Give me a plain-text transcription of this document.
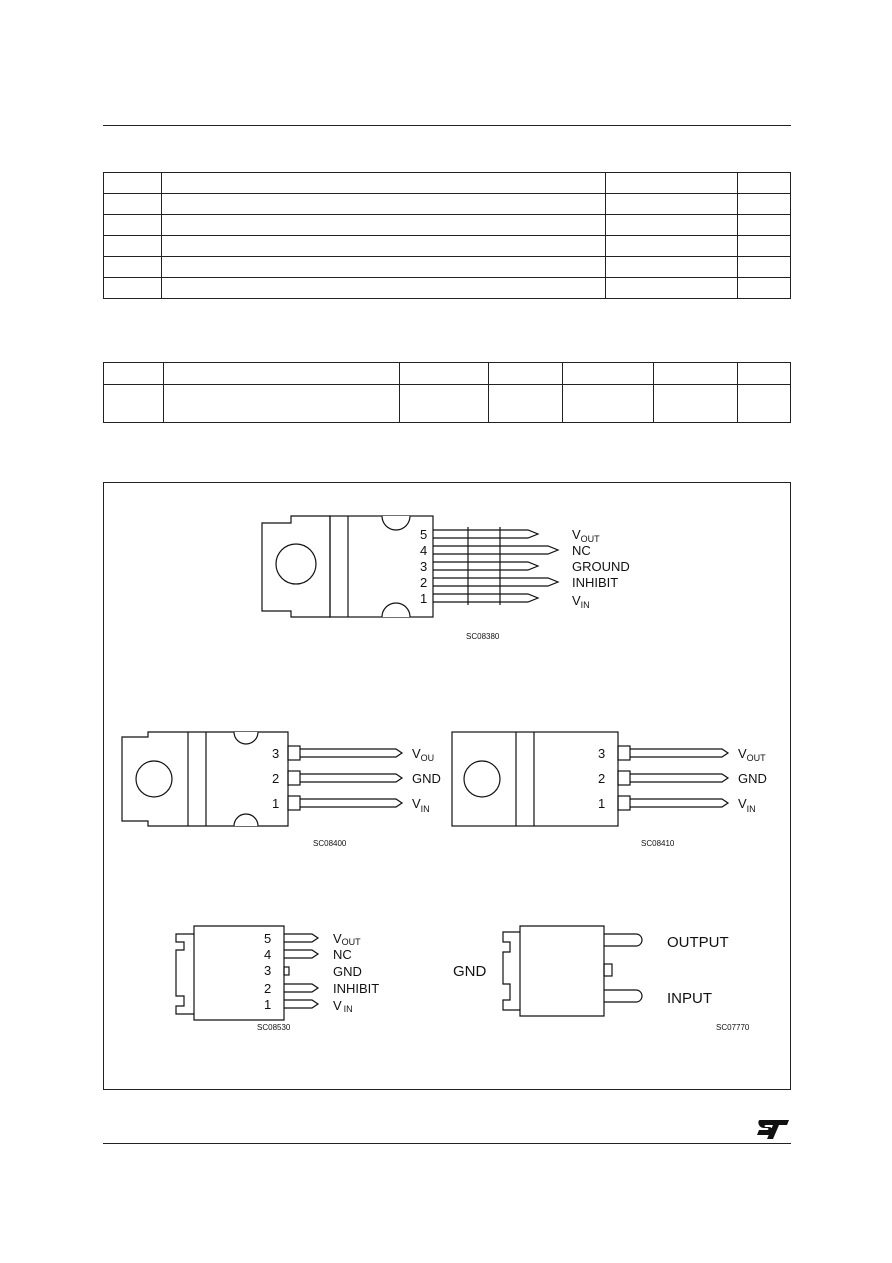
5
4
3
2
1
$V_{OUT}$
NC
GROUND
INHIBIT
$V_{IN}$
SC08380
3
2
1
$V_{OU}$
GND
$V_{IN}$
SC08400
3
2
1
$V_{OUT}$
GND
$V_{IN}$
SC08410
5
4
3
2
1
VOUT
NC
GND
INHIBIT
V IN
SC08530
GND
OUTPUT
INPUT
SC07770
